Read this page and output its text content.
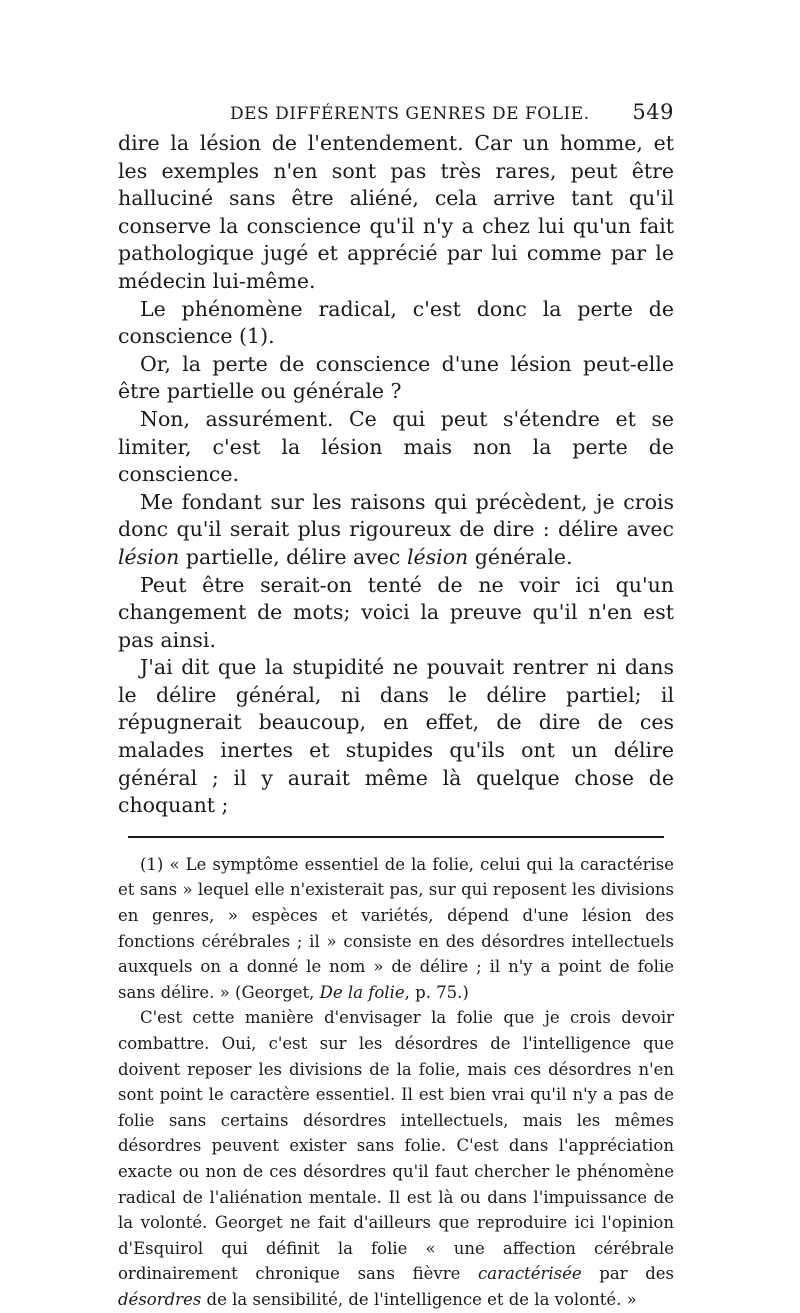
DES DIFFÉRENTS GENRES DE FOLIE. 549

dire la lésion de l'entendement. Car un homme, et les exemples n'en sont pas très rares, peut être halluciné sans être aliéné, cela arrive tant qu'il conserve la conscience qu'il n'y a chez lui qu'un fait pathologique jugé et apprécié par lui comme par le médecin lui-même.

Le phénomène radical, c'est donc la perte de conscience (1).

Or, la perte de conscience d'une lésion peut-elle être partielle ou générale ?

Non, assurément. Ce qui peut s'étendre et se limiter, c'est la lésion mais non la perte de conscience.

Me fondant sur les raisons qui précèdent, je crois donc qu'il serait plus rigoureux de dire : délire avec lésion partielle, délire avec lésion générale.

Peut être serait-on tenté de ne voir ici qu'un changement de mots; voici la preuve qu'il n'en est pas ainsi.

J'ai dit que la stupidité ne pouvait rentrer ni dans le délire général, ni dans le délire partiel; il répugnerait beaucoup, en effet, de dire de ces malades inertes et stupides qu'ils ont un délire général ; il y aurait même là quelque chose de choquant ;

(1) « Le symptôme essentiel de la folie, celui qui la caractérise et sans » lequel elle n'existerait pas, sur qui reposent les divisions en genres, » espèces et variétés, dépend d'une lésion des fonctions cérébrales ; il » consiste en des désordres intellectuels auxquels on a donné le nom » de délire ; il n'y a point de folie sans délire. » (Georget, De la folie, p. 75.)

C'est cette manière d'envisager la folie que je crois devoir combattre. Oui, c'est sur les désordres de l'intelligence que doivent reposer les divisions de la folie, mais ces désordres n'en sont point le caractère essentiel. Il est bien vrai qu'il n'y a pas de folie sans certains désordres intellectuels, mais les mêmes désordres peuvent exister sans folie. C'est dans l'appréciation exacte ou non de ces désordres qu'il faut chercher le phénomène radical de l'aliénation mentale. Il est là ou dans l'impuissance de la volonté. Georget ne fait d'ailleurs que reproduire ici l'opinion d'Esquirol qui définit la folie « une affection cérébrale ordinairement chronique sans fièvre caractérisée par des désordres de la sensibilité, de l'intelligence et de la volonté. »
